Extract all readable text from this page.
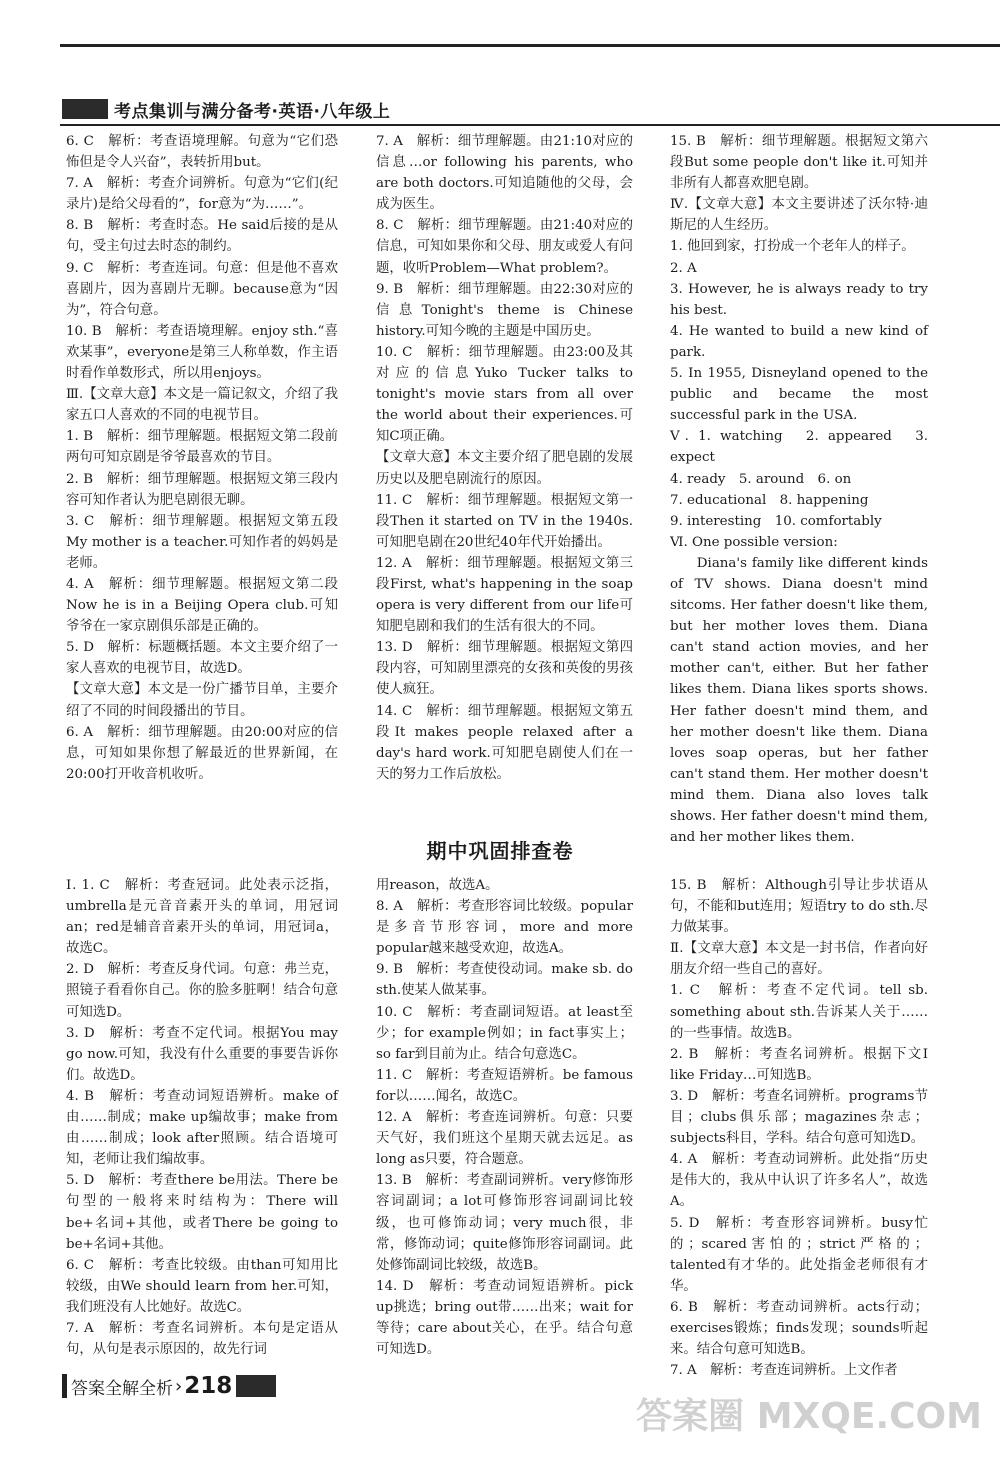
考点集训与满分备考·英语·八年级上

6. C　解析：考查语境理解。句意为“它们恐怖但是令人兴奋”，表转折用but。

7. A　解析：考查介词辨析。句意为“它们(纪录片)是给父母看的”，for意为“为……”。

8. B　解析：考查时态。He said后接的是从句，受主句过去时态的制约。

9. C　解析：考查连词。句意：但是他不喜欢喜剧片，因为喜剧片无聊。because意为“因为”，符合句意。

10. B　解析：考查语境理解。enjoy sth.“喜欢某事”，everyone是第三人称单数，作主语时看作单数形式，所以用enjoys。

Ⅲ.【文章大意】本文是一篇记叙文，介绍了我家五口人喜欢的不同的电视节目。

1. B　解析：细节理解题。根据短文第二段前两句可知京剧是爷爷最喜欢的节目。

2. B　解析：细节理解题。根据短文第三段内容可知作者认为肥皂剧很无聊。

3. C　解析：细节理解题。根据短文第五段My mother is a teacher.可知作者的妈妈是老师。

4. A　解析：细节理解题。根据短文第二段Now he is in a Beijing Opera club.可知爷爷在一家京剧俱乐部是正确的。

5. D　解析：标题概括题。本文主要介绍了一家人喜欢的电视节目，故选D。

【文章大意】本文是一份广播节目单，主要介绍了不同的时间段播出的节目。

6. A　解析：细节理解题。由20:00对应的信息，可知如果你想了解最近的世界新闻，在20:00打开收音机收听。

7. A　解析：细节理解题。由21:10对应的信息…or following his parents, who are both doctors.可知追随他的父母，会成为医生。

8. C　解析：细节理解题。由21:40对应的信息，可知如果你和父母、朋友或爱人有问题，收听Problem—What problem?。

9. B　解析：细节理解题。由22:30对应的信息Tonight's theme is Chinese history.可知今晚的主题是中国历史。

10. C　解析：细节理解题。由23:00及其对应的信息Yuko Tucker talks to tonight's movie stars from all over the world about their experiences.可知C项正确。

【文章大意】本文主要介绍了肥皂剧的发展历史以及肥皂剧流行的原因。

11. C　解析：细节理解题。根据短文第一段Then it started on TV in the 1940s.可知肥皂剧在20世纪40年代开始播出。

12. A　解析：细节理解题。根据短文第三段First, what's happening in the soap opera is very different from our life可知肥皂剧和我们的生活有很大的不同。

13. D　解析：细节理解题。根据短文第四段内容，可知剧里漂亮的女孩和英俊的男孩使人疯狂。

14. C　解析：细节理解题。根据短文第五段It makes people relaxed after a day's hard work.可知肥皂剧使人们在一天的努力工作后放松。

15. B　解析：细节理解题。根据短文第六段But some people don't like it.可知并非所有人都喜欢肥皂剧。

Ⅳ.【文章大意】本文主要讲述了沃尔特·迪斯尼的人生经历。

1. 他回到家，打扮成一个老年人的样子。

2. A

3. However, he is always ready to try his best.

4. He wanted to build a new kind of park.

5. In 1955, Disneyland opened to the public and became the most successful park in the USA.

Ⅴ. 1. watching　2. appeared　3. expect

4. ready　5. around　6. on

7. educational　8. happening

9. interesting　10. comfortably

Ⅵ. One possible version:

Diana's family like different kinds of TV shows. Diana doesn't mind sitcoms. Her father doesn't like them, but her mother loves them. Diana can't stand action movies, and her mother can't, either. But her father likes them. Diana likes sports shows. Her father doesn't mind them, and her mother doesn't like them. Diana loves soap operas, but her father can't stand them. Her mother doesn't mind them. Diana also loves talk shows. Her father doesn't mind them, and her mother likes them.

期中巩固排查卷

Ⅰ. 1. C　解析：考查冠词。此处表示泛指，umbrella是元音音素开头的单词，用冠词an；red是辅音音素开头的单词，用冠词a，故选C。

2. D　解析：考查反身代词。句意：弗兰克，照镜子看看你自己。你的脸多脏啊！结合句意可知选D。

3. D　解析：考查不定代词。根据You may go now.可知，我没有什么重要的事要告诉你们。故选D。

4. B　解析：考查动词短语辨析。make of由……制成；make up编故事；make from由……制成；look after照顾。结合语境可知，老师让我们编故事。

5. D　解析：考查there be用法。There be句型的一般将来时结构为：There will be+名词+其他，或者There be going to be+名词+其他。

6. C　解析：考查比较级。由than可知用比较级，由We should learn from her.可知，我们班没有人比她好。故选C。

7. A　解析：考查名词辨析。本句是定语从句，从句是表示原因的，故先行词

用reason，故选A。

8. A　解析：考查形容词比较级。popular是多音节形容词，more and more popular越来越受欢迎，故选A。

9. B　解析：考查使役动词。make sb. do sth.使某人做某事。

10. C　解析：考查副词短语。at least至少；for example例如；in fact事实上；so far到目前为止。结合句意选C。

11. C　解析：考查短语辨析。be famous for以……闻名，故选C。

12. A　解析：考查连词辨析。句意：只要天气好，我们班这个星期天就去远足。as long as只要，符合题意。

13. B　解析：考查副词辨析。very修饰形容词副词；a lot可修饰形容词副词比较级，也可修饰动词；very much很，非常，修饰动词；quite修饰形容词副词。此处修饰副词比较级，故选B。

14. D　解析：考查动词短语辨析。pick up挑选；bring out带……出来；wait for等待；care about关心，在乎。结合句意可知选D。

15. B　解析：Although引导让步状语从句，不能和but连用；短语try to do sth.尽力做某事。

Ⅱ.【文章大意】本文是一封书信，作者向好朋友介绍一些自己的喜好。

1. C　解析：考查不定代词。tell sb. something about sth.告诉某人关于……的一些事情。故选B。

2. B　解析：考查名词辨析。根据下文I like Friday…可知选B。

3. D　解析：考查名词辨析。programs节目；clubs俱乐部；magazines杂志；subjects科目，学科。结合句意可知选D。

4. A　解析：考查动词辨析。此处指“历史是伟大的，我从中认识了许多名人”，故选A。

5. D　解析：考查形容词辨析。busy忙的；scared害怕的；strict严格的；talented有才华的。此处指金老师很有才华。

6. B　解析：考查动词辨析。acts行动；exercises锻炼；finds发现；sounds听起来。结合句意可知选B。

7. A　解析：考查连词辨析。上文作者

答案全解全析 › 218
答案圈 MXQE.COM
